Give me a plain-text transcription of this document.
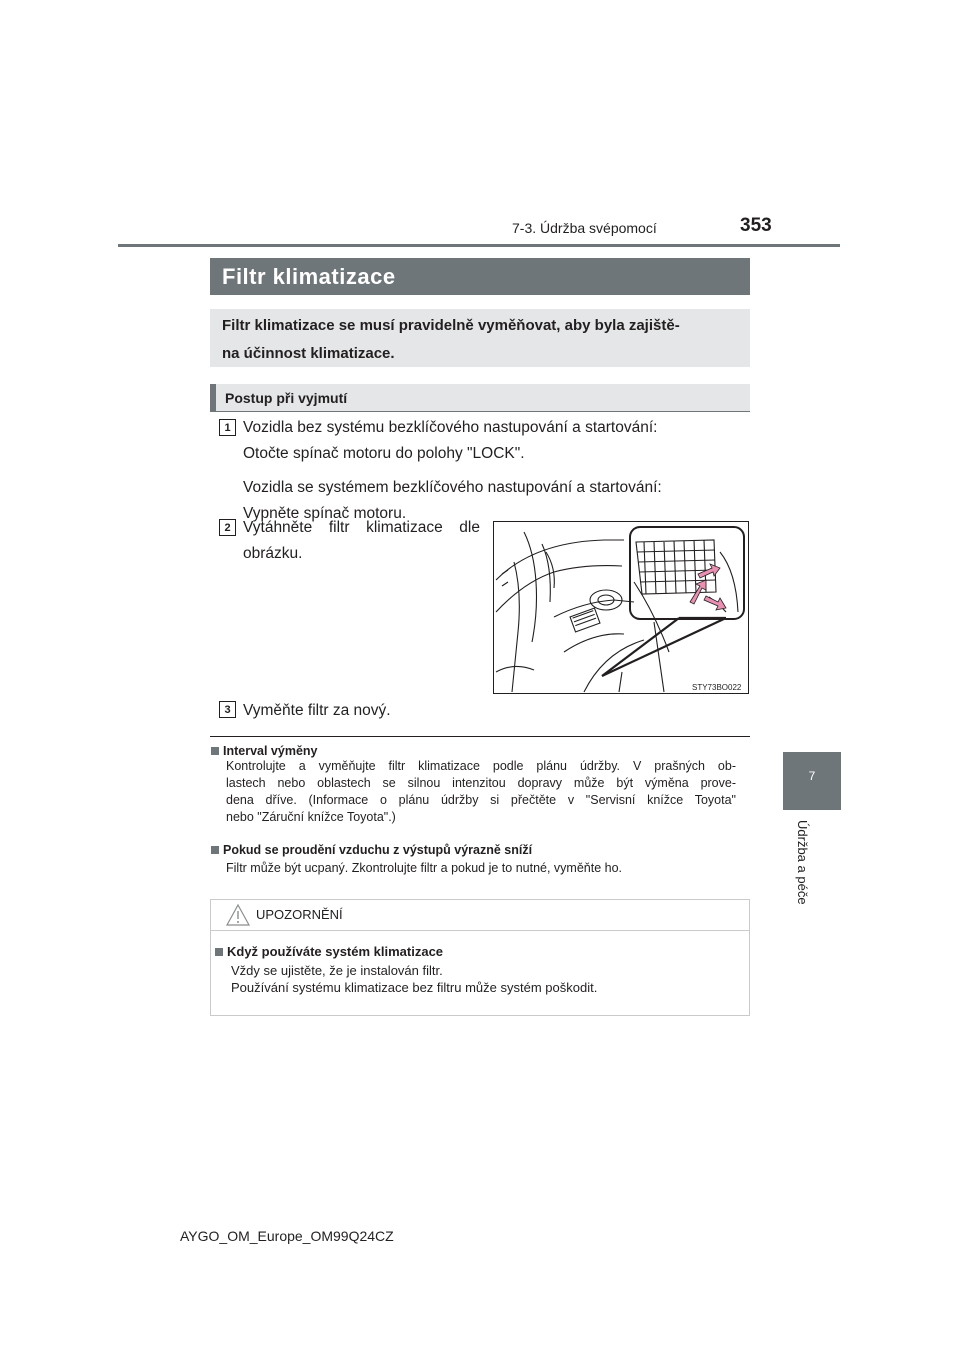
7-3. Údržba svépomocí	353
7
Údržba a péče
Filtr klimatizace
Filtr klimatizace se musí pravidelně vyměňovat, aby byla zajiště-
na účinnost klimatizace.
Postup při vyjmutí
1 Vozidla bez systému bezklíčového nastupování a startování:
Otočte spínač motoru do polohy "LOCK".
Vozidla se systémem bezklíčového nastupování a startování:
Vypněte spínač motoru.
2 Vytáhněte filtr klimatizace dle
obrázku.
STY73BO022
3 Vyměňte filtr za nový.
Interval výměny
Kontrolujte a vyměňujte filtr klimatizace podle plánu údržby. V prašných ob-
lastech nebo oblastech se silnou intenzitou dopravy může být výměna prove-
dena dříve. (Informace o plánu údržby si přečtěte v "Servisní knížce Toyota"
nebo "Záruční knížce Toyota".)
Pokud se proudění vzduchu z výstupů výrazně sníží
Filtr může být ucpaný. Zkontrolujte filtr a pokud je to nutné, vyměňte ho.
UPOZORNĚNÍ
Když používáte systém klimatizace
Vždy se ujistěte, že je instalován filtr.
Používání systému klimatizace bez filtru může systém poškodit.
AYGO_OM_Europe_OM99Q24CZ
